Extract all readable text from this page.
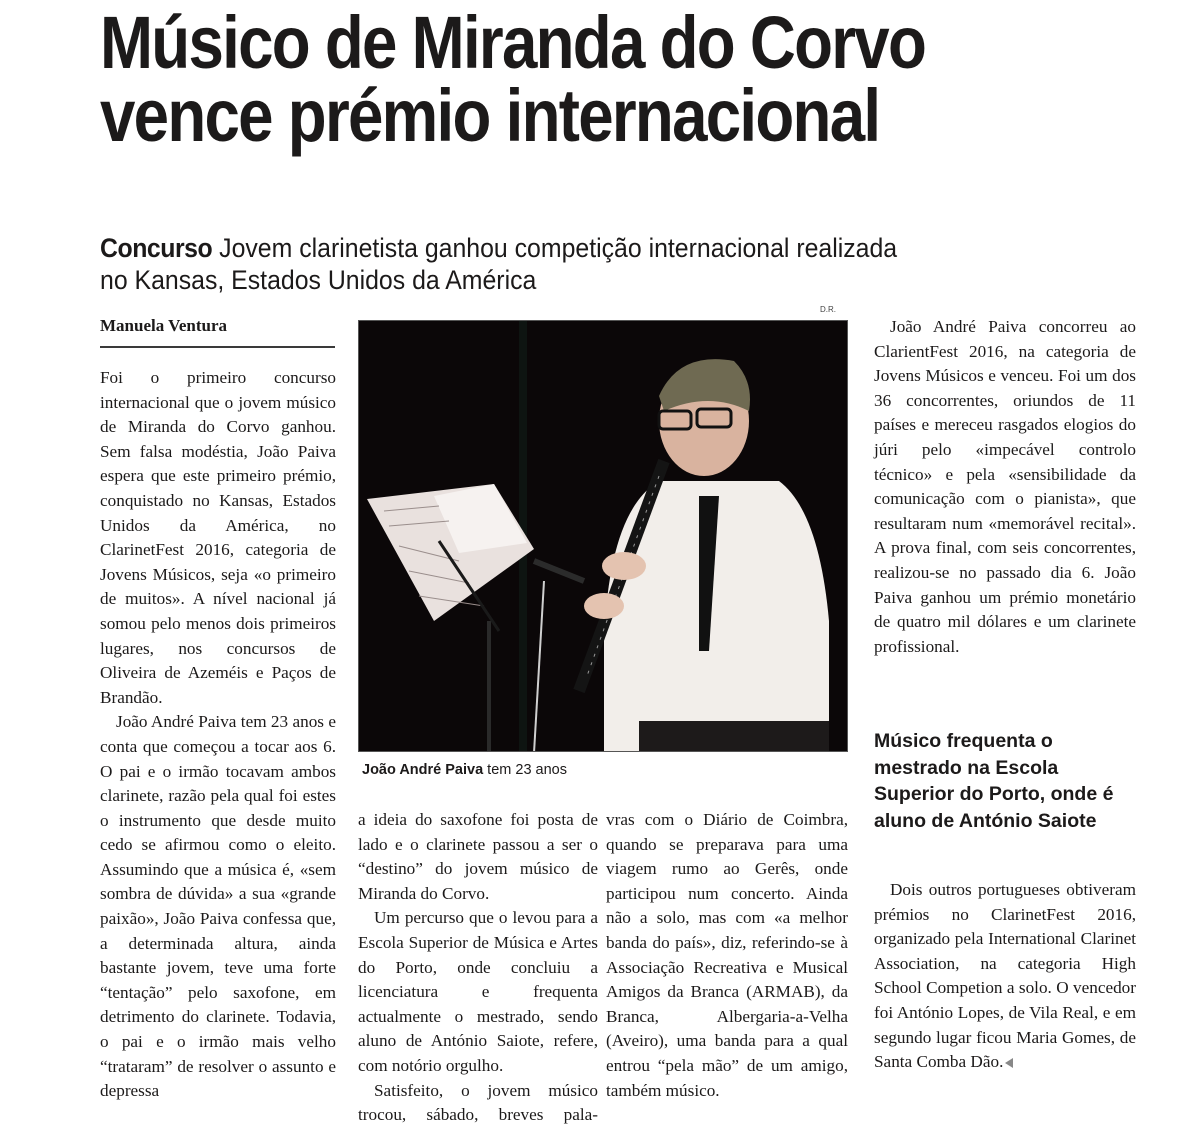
Músico de Miranda do Corvo
vence prémio internacional
Concurso Jovem clarinetista ganhou competição internacional realizada
no Kansas, Estados Unidos da América
Manuela Ventura

Foi o primeiro concurso internacional que o jovem músico de Miranda do Corvo ganhou. Sem falsa modéstia, João Paiva espera que este primeiro prémio, conquistado no Kansas, Estados Unidos da América, no ClarinetFest 2016, categoria de Jovens Músicos, seja «o primeiro de muitos». A nível nacional já somou pelo menos dois primeiros lugares, nos concursos de Oliveira de Azeméis e Paços de Brandão.

João André Paiva tem 23 anos e conta que começou a tocar aos 6. O pai e o irmão tocavam ambos clarinete, razão pela qual foi estes o instrumento que desde muito cedo se afirmou como o eleito. Assumindo que a música é, «sem sombra de dúvida» a sua «grande paixão», João Paiva confessa que, a determinada altura, ainda bastante jovem, teve uma forte “tentação” pelo saxofone, em detrimento do clarinete. Todavia, o pai e o irmão mais velho “trataram” de resolver o assunto e depressa

D.R.
João André Paiva tem 23 anos

a ideia do saxofone foi posta de lado e o clarinete passou a ser o “destino” do jovem músico de Miranda do Corvo.

Um percurso que o levou para a Escola Superior de Música e Artes do Porto, onde concluiu a licenciatura e frequenta actualmente o mestrado, sendo aluno de António Saiote, refere, com notório orgulho.

Satisfeito, o jovem músico trocou, sábado, breves pala-

vras com o Diário de Coimbra, quando se preparava para uma viagem rumo ao Gerês, onde participou num concerto. Ainda não a solo, mas com «a melhor banda do país», diz, referindo-se à Associação Recreativa e Musical Amigos da Branca (ARMAB), da Branca, Albergaria-a-Velha (Aveiro), uma banda para a qual entrou “pela mão” de um amigo, também músico.

João André Paiva concorreu ao ClarientFest 2016, na categoria de Jovens Músicos e venceu. Foi um dos 36 concorrentes, oriundos de 11 países e mereceu rasgados elogios do júri pelo «impecável controlo técnico» e pela «sensibilidade da comunicação com o pianista», que resultaram num «memorável recital». A prova final, com seis concorrentes, realizou-se no passado dia 6. João Paiva ganhou um prémio monetário de quatro mil dólares e um clarinete profissional.

Músico frequenta o mestrado na Escola Superior do Porto, onde é aluno de António Saiote

Dois outros portugueses obtiveram prémios no ClarinetFest 2016, organizado pela International Clarinet Association, na categoria High School Competion a solo. O vencedor foi António Lopes, de Vila Real, e em segundo lugar ficou Maria Gomes, de Santa Comba Dão.
